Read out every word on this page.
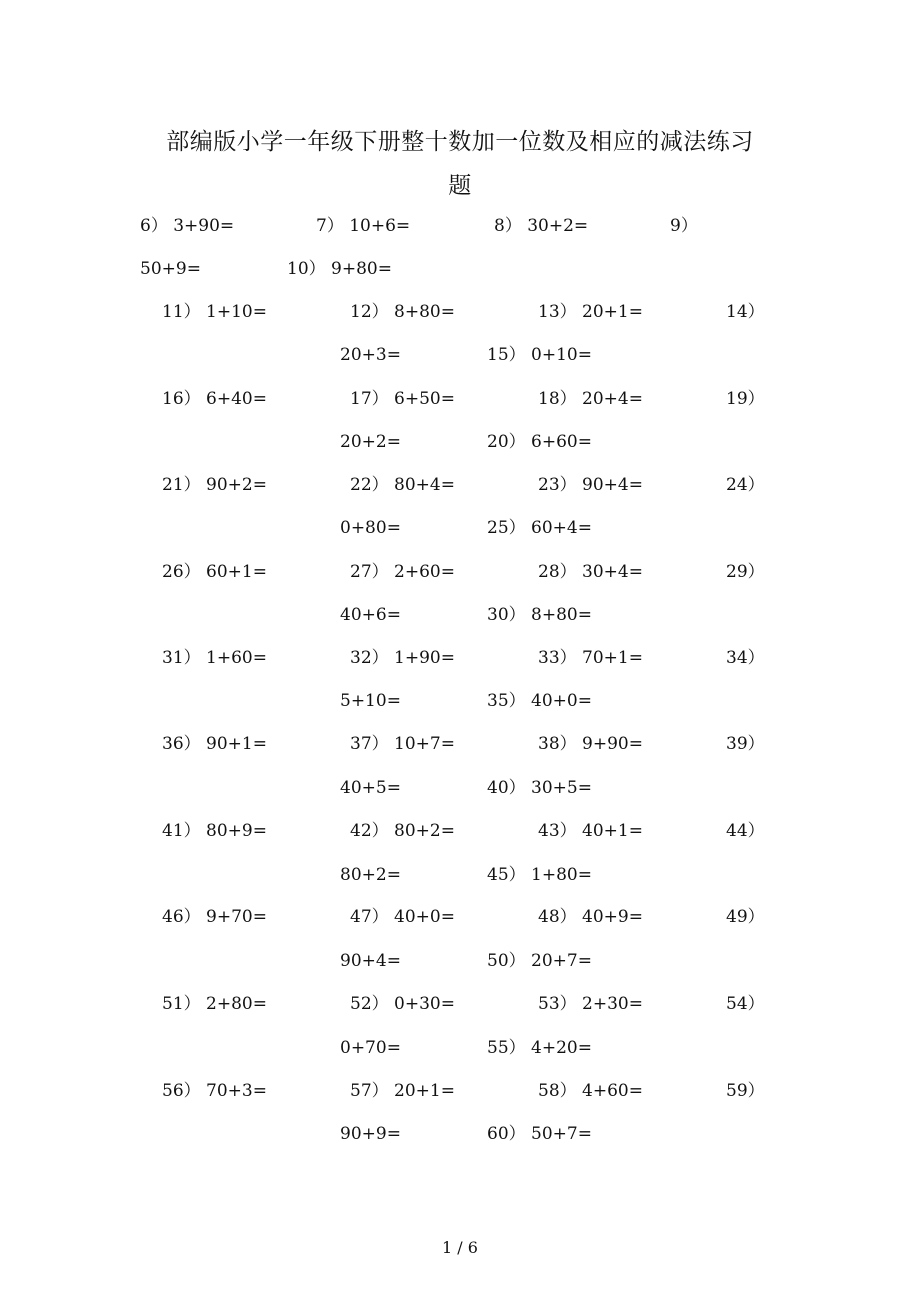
部编版小学一年级下册整十数加一位数及相应的减法练习
题
6） 3+90=	7） 10+6=	8） 30+2=	9）
50+9=	10） 9+80=
11） 1+10=	12） 8+80=	13） 20+1=	14）
20+3=	15） 0+10=
16） 6+40=	17） 6+50=	18） 20+4=	19）
20+2=	20） 6+60=
21） 90+2=	22） 80+4=	23） 90+4=	24）
0+80=	25） 60+4=
26） 60+1=	27） 2+60=	28） 30+4=	29）
40+6=	30） 8+80=
31） 1+60=	32） 1+90=	33） 70+1=	34）
5+10=	35） 40+0=
36） 90+1=	37） 10+7=	38） 9+90=	39）
40+5=	40） 30+5=
41） 80+9=	42） 80+2=	43） 40+1=	44）
80+2=	45） 1+80=
46） 9+70=	47） 40+0=	48） 40+9=	49）
90+4=	50） 20+7=
51） 2+80=	52） 0+30=	53） 2+30=	54）
0+70=	55） 4+20=
56） 70+3=	57） 20+1=	58） 4+60=	59）
90+9=	60） 50+7=
1 / 6
